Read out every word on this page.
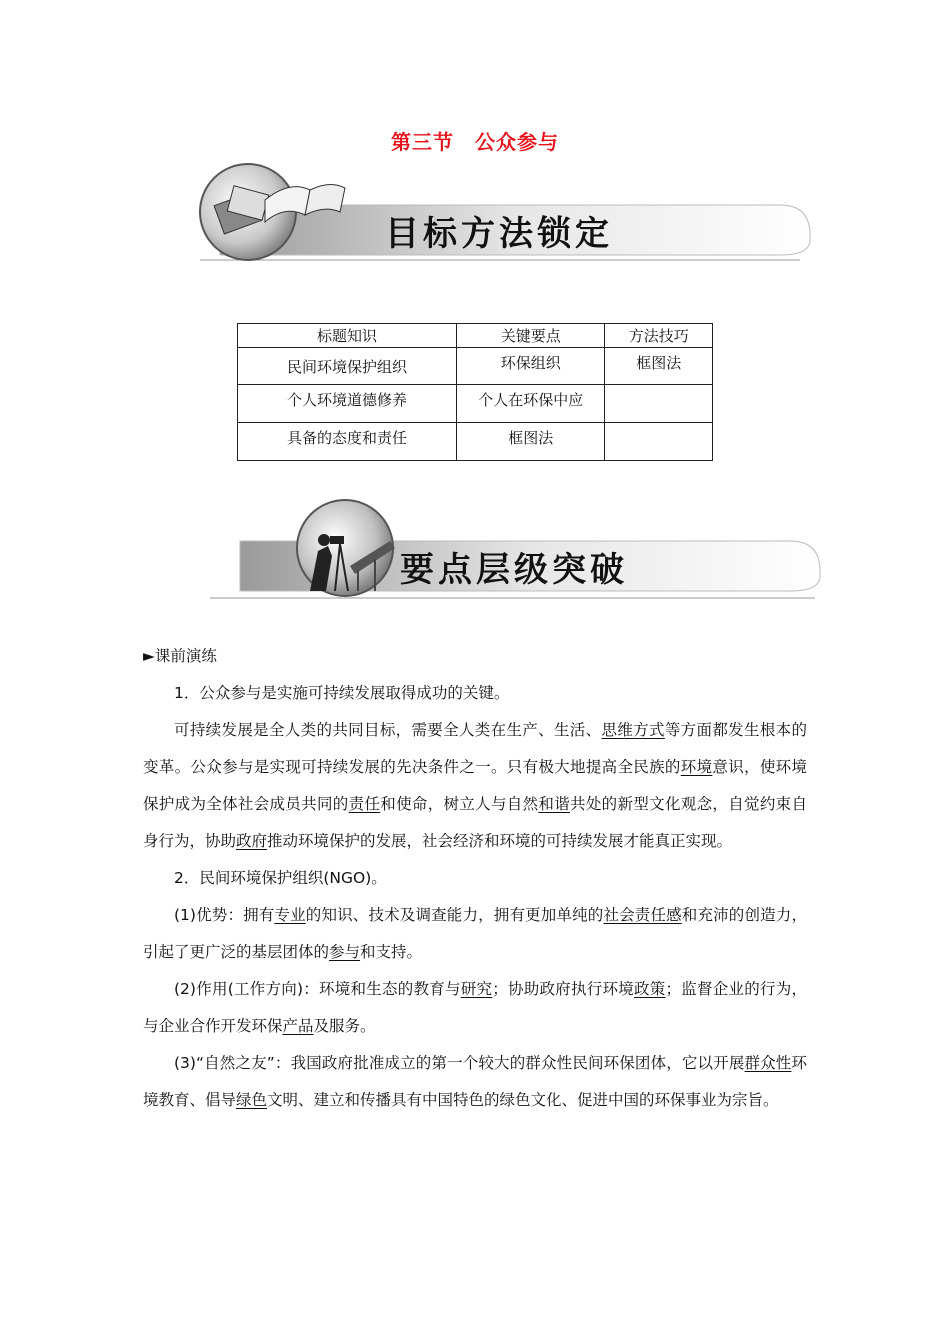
第三节　公众参与
目标方法锁定
标题知识	关键要点	方法技巧
民间环境保护组织	环保组织	框图法
个人环境道德修养	个人在环保中应	
具备的态度和责任	框图法	
要点层级突破

►课前演练

1．公众参与是实施可持续发展取得成功的关键。

可持续发展是全人类的共同目标，需要全人类在生产、生活、思维方式等方面都发生根本的变革。公众参与是实现可持续发展的先决条件之一。只有极大地提高全民族的环境意识，使环境保护成为全体社会成员共同的责任和使命，树立人与自然和谐共处的新型文化观念，自觉约束自身行为，协助政府推动环境保护的发展，社会经济和环境的可持续发展才能真正实现。

2．民间环境保护组织(NGO)。

(1)优势：拥有专业的知识、技术及调查能力，拥有更加单纯的社会责任感和充沛的创造力，引起了更广泛的基层团体的参与和支持。

(2)作用(工作方向)：环境和生态的教育与研究；协助政府执行环境政策；监督企业的行为，与企业合作开发环保产品及服务。

(3)“自然之友”：我国政府批准成立的第一个较大的群众性民间环保团体，它以开展群众性环境教育、倡导绿色文明、建立和传播具有中国特色的绿色文化、促进中国的环保事业为宗旨。
